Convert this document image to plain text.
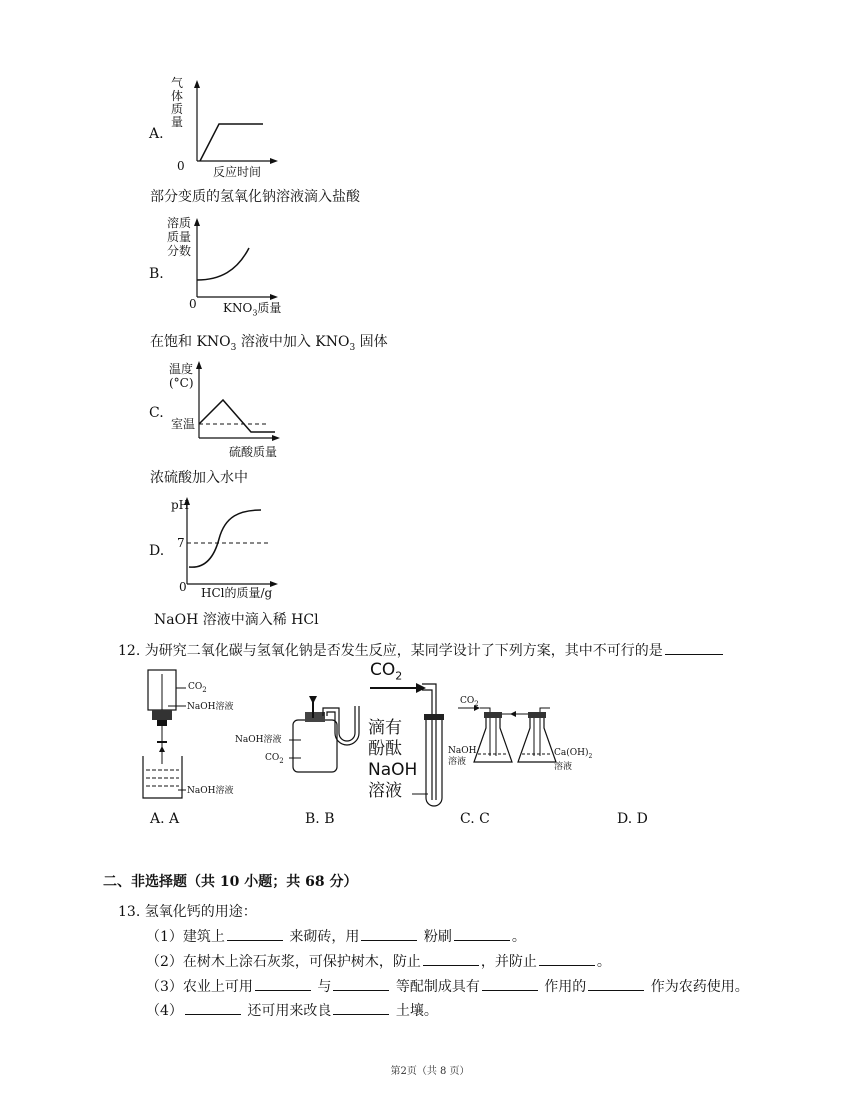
气
体
质
量
A.
0 反应时间
部分变质的氢氧化钠溶液滴入盐酸
溶质
质量
分数
B.
0 $KNO_3$质量
在饱和 $KNO_3$ 溶液中加入 $KNO_3$ 固体
温度
(°C)
C.
室温
硫酸质量
浓硫酸加入水中
pH
D. 7
0 HCl的质量/g
NaOH 溶液中滴入稀 HCl
12. 为研究二氧化碳与氢氧化钠是否发生反应，某同学设计了下列方案，其中不可行的是
$CO_2$
NaOH溶液
NaOH溶液
NaOH溶液
$CO_2$
$CO_2$
滴有
酚酞
NaOH
溶液
$CO_2$
NaOH
溶液
$Ca(OH)_2$
溶液
A. A	B. B	C. C	D. D
二、非选择题（共 10 小题；共 68 分）
13. 氢氧化钙的用途：
（1）建筑上	来砌砖，用	粉刷	。
（2）在树木上涂石灰浆，可保护树木，防止	，并防止	。
（3）农业上可用	与	等配制成具有	作用的	作为农药使用。
（4）	还可用来改良	土壤。
第2页（共 8 页）
